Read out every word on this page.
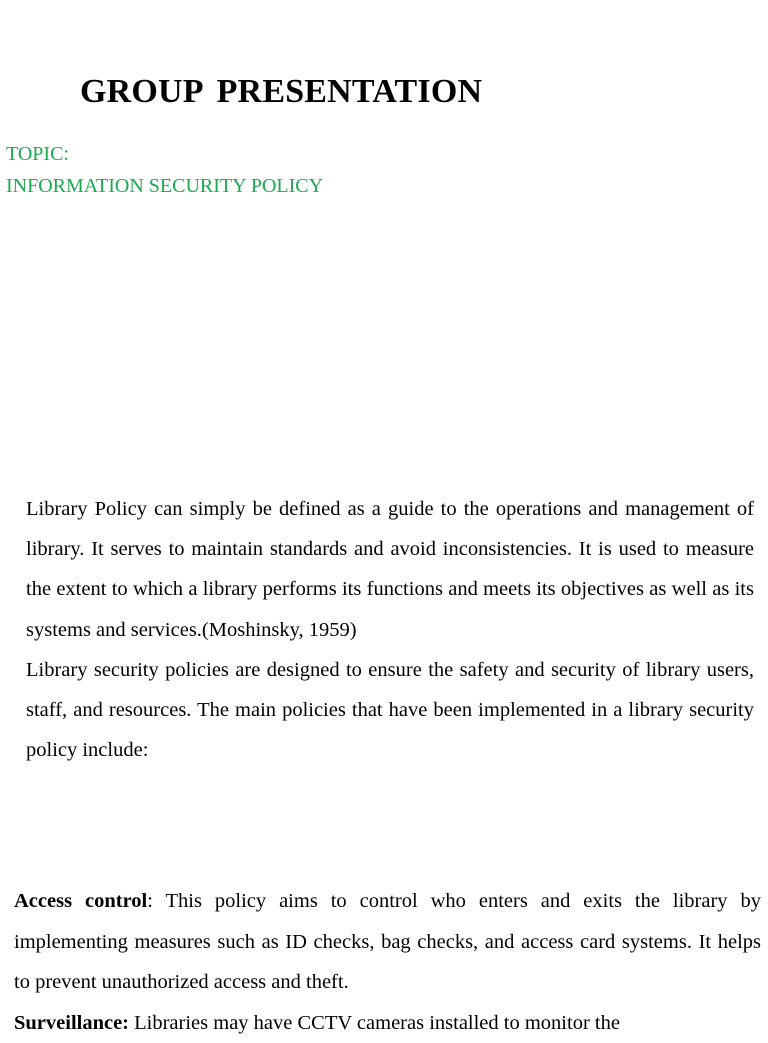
GROUP PRESENTATION
TOPIC:
INFORMATION SECURITY POLICY

Library Policy can simply be defined as a guide to the operations and management of library. It serves to maintain standards and avoid inconsistencies. It is used to measure the extent to which a library performs its functions and meets its objectives as well as its systems and services.(Moshinsky, 1959)

Library security policies are designed to ensure the safety and security of library users, staff, and resources. The main policies that have been implemented in a library security policy include:

Access control: This policy aims to control who enters and exits the library by implementing measures such as ID checks, bag checks, and access card systems. It helps to prevent unauthorized access and theft.

Surveillance: Libraries may have CCTV cameras installed to monitor the
